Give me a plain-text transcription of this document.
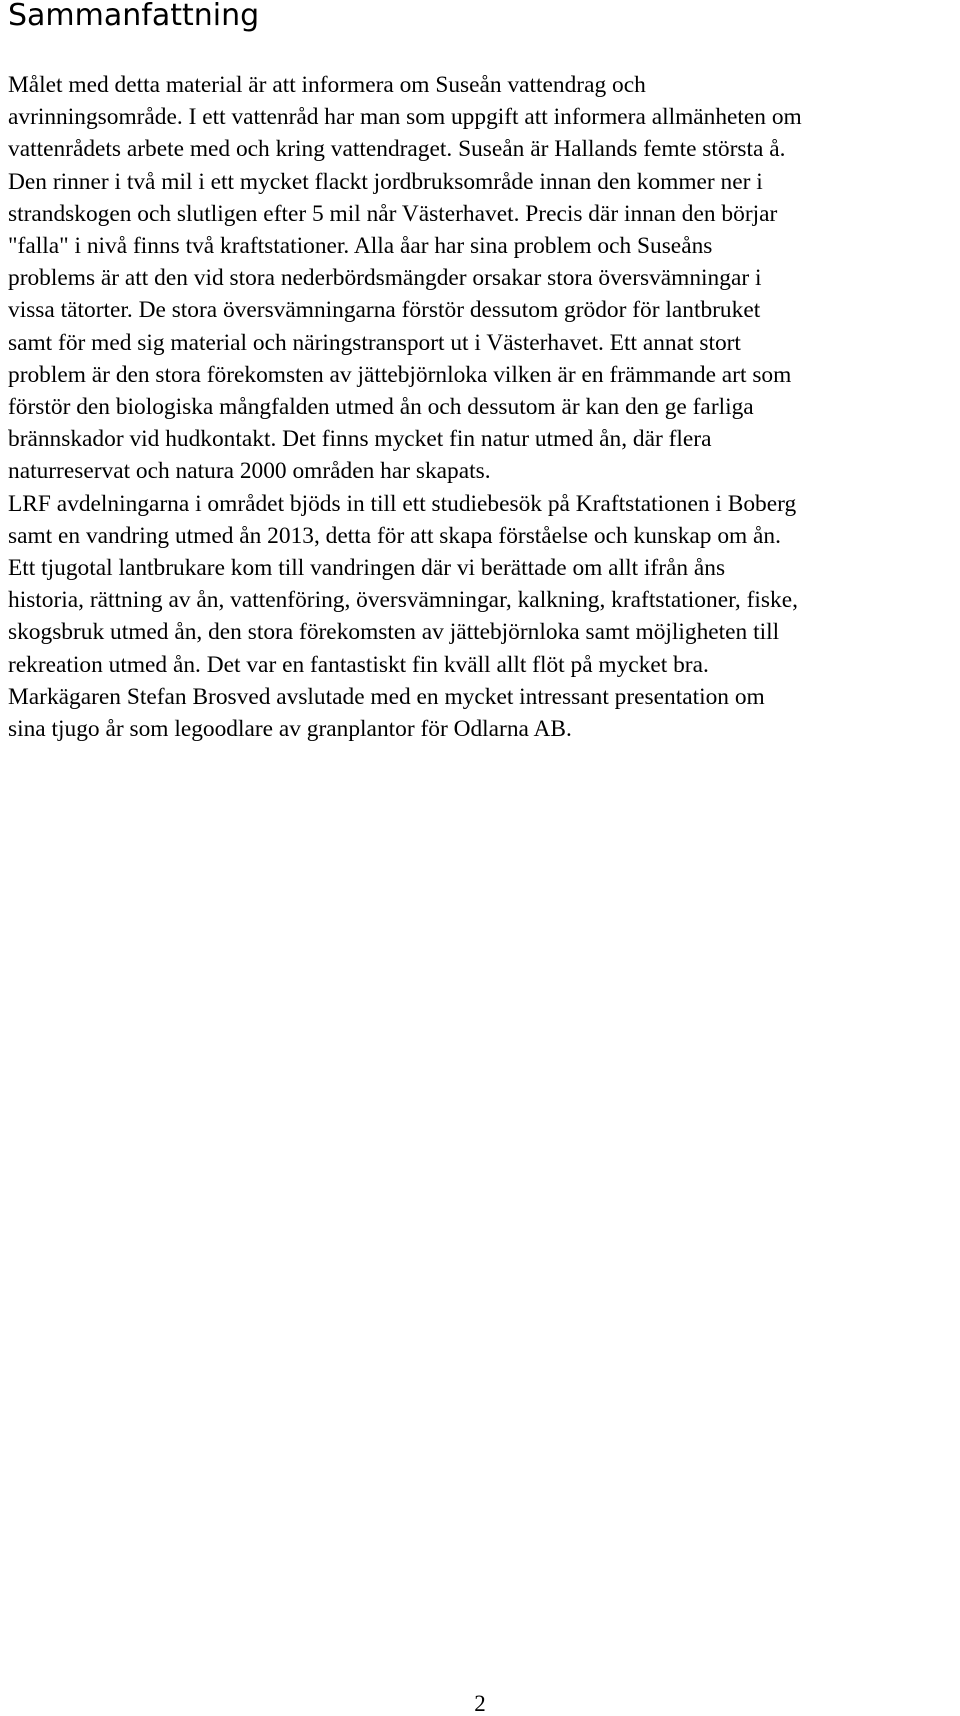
Sammanfattning
Målet med detta material är att informera om Suseån vattendrag och
avrinningsområde. I ett vattenråd har man som uppgift att informera allmänheten om
vattenrådets arbete med och kring vattendraget. Suseån är Hallands femte största å.
Den rinner i två mil i ett mycket flackt jordbruksområde innan den kommer ner i
strandskogen och slutligen efter 5 mil når Västerhavet. Precis där innan den börjar
"falla" i nivå finns två kraftstationer. Alla åar har sina problem och Suseåns
problems är att den vid stora nederbördsmängder orsakar stora översvämningar i
vissa tätorter. De stora översvämningarna förstör dessutom grödor för lantbruket
samt för med sig material och näringstransport ut i Västerhavet. Ett annat stort
problem är den stora förekomsten av jättebjörnloka vilken är en främmande art som
förstör den biologiska mångfalden utmed ån och dessutom är kan den ge farliga
brännskador vid hudkontakt. Det finns mycket fin natur utmed ån, där flera
naturreservat och natura 2000 områden har skapats.
LRF avdelningarna i området bjöds in till ett studiebesök på Kraftstationen i Boberg
samt en vandring utmed ån 2013, detta för att skapa förståelse och kunskap om ån.
Ett tjugotal lantbrukare kom till vandringen där vi berättade om allt ifrån åns
historia, rättning av ån, vattenföring, översvämningar, kalkning, kraftstationer, fiske,
skogsbruk utmed ån, den stora förekomsten av jättebjörnloka samt möjligheten till
rekreation utmed ån. Det var en fantastiskt fin kväll allt flöt på mycket bra.
Markägaren Stefan Brosved avslutade med en mycket intressant presentation om
sina tjugo år som legoodlare av granplantor för Odlarna AB.
2
